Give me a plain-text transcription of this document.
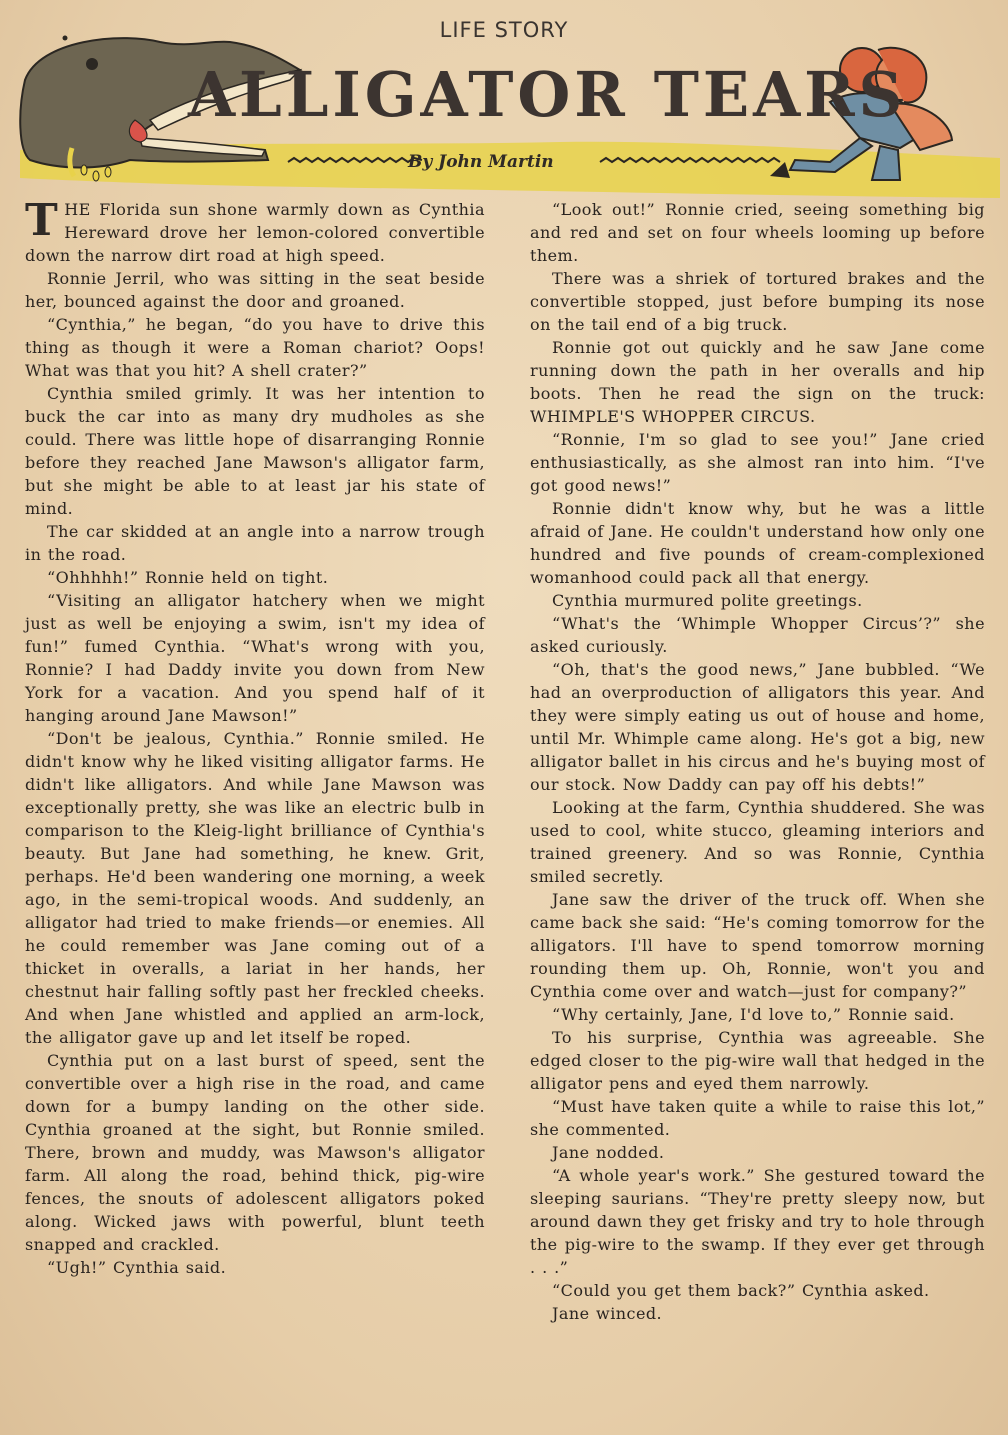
LIFE STORY
ALLIGATOR TEARS
By John Martin

THE Florida sun shone warmly down as Cynthia Hereward drove her lemon-colored convertible down the narrow dirt road at high speed.

Ronnie Jerril, who was sitting in the seat beside her, bounced against the door and groaned.

“Cynthia,” he began, “do you have to drive this thing as though it were a Roman chariot? Oops! What was that you hit? A shell crater?”

Cynthia smiled grimly. It was her intention to buck the car into as many dry mudholes as she could. There was little hope of disarranging Ronnie before they reached Jane Mawson's alligator farm, but she might be able to at least jar his state of mind.

The car skidded at an angle into a narrow trough in the road.

“Ohhhhh!” Ronnie held on tight.

“Visiting an alligator hatchery when we might just as well be enjoying a swim, isn't my idea of fun!” fumed Cynthia. “What's wrong with you, Ronnie? I had Daddy invite you down from New York for a vacation. And you spend half of it hanging around Jane Mawson!”

“Don't be jealous, Cynthia.” Ronnie smiled. He didn't know why he liked visiting alligator farms. He didn't like alligators. And while Jane Mawson was exceptionally pretty, she was like an electric bulb in comparison to the Kleig-light brilliance of Cynthia's beauty. But Jane had something, he knew. Grit, perhaps. He'd been wandering one morning, a week ago, in the semi-tropical woods. And suddenly, an alligator had tried to make friends—or enemies. All he could remember was Jane coming out of a thicket in overalls, a lariat in her hands, her chestnut hair falling softly past her freckled cheeks. And when Jane whistled and applied an arm-lock, the alligator gave up and let itself be roped.

Cynthia put on a last burst of speed, sent the convertible over a high rise in the road, and came down for a bumpy landing on the other side. Cynthia groaned at the sight, but Ronnie smiled. There, brown and muddy, was Mawson's alligator farm. All along the road, behind thick, pig-wire fences, the snouts of adolescent alligators poked along. Wicked jaws with powerful, blunt teeth snapped and crackled.

“Ugh!” Cynthia said.

“Look out!” Ronnie cried, seeing something big and red and set on four wheels looming up before them.

There was a shriek of tortured brakes and the convertible stopped, just before bumping its nose on the tail end of a big truck.

Ronnie got out quickly and he saw Jane come running down the path in her overalls and hip boots. Then he read the sign on the truck: WHIMPLE'S WHOPPER CIRCUS.

“Ronnie, I'm so glad to see you!” Jane cried enthusiastically, as she almost ran into him. “I've got good news!”

Ronnie didn't know why, but he was a little afraid of Jane. He couldn't understand how only one hundred and five pounds of cream-complexioned womanhood could pack all that energy.

Cynthia murmured polite greetings.

“What's the ‘Whimple Whopper Circus’?” she asked curiously.

“Oh, that's the good news,” Jane bubbled. “We had an overproduction of alligators this year. And they were simply eating us out of house and home, until Mr. Whimple came along. He's got a big, new alligator ballet in his circus and he's buying most of our stock. Now Daddy can pay off his debts!”

Looking at the farm, Cynthia shuddered. She was used to cool, white stucco, gleaming interiors and trained greenery. And so was Ronnie, Cynthia smiled secretly.

Jane saw the driver of the truck off. When she came back she said: “He's coming tomorrow for the alligators. I'll have to spend tomorrow morning rounding them up. Oh, Ronnie, won't you and Cynthia come over and watch—just for company?”

“Why certainly, Jane, I'd love to,” Ronnie said.

To his surprise, Cynthia was agreeable. She edged closer to the pig-wire wall that hedged in the alligator pens and eyed them narrowly.

“Must have taken quite a while to raise this lot,” she commented.

Jane nodded.

“A whole year's work.” She gestured toward the sleeping saurians. “They're pretty sleepy now, but around dawn they get frisky and try to hole through the pig-wire to the swamp. If they ever get through . . .”

“Could you get them back?” Cynthia asked.

Jane winced.
